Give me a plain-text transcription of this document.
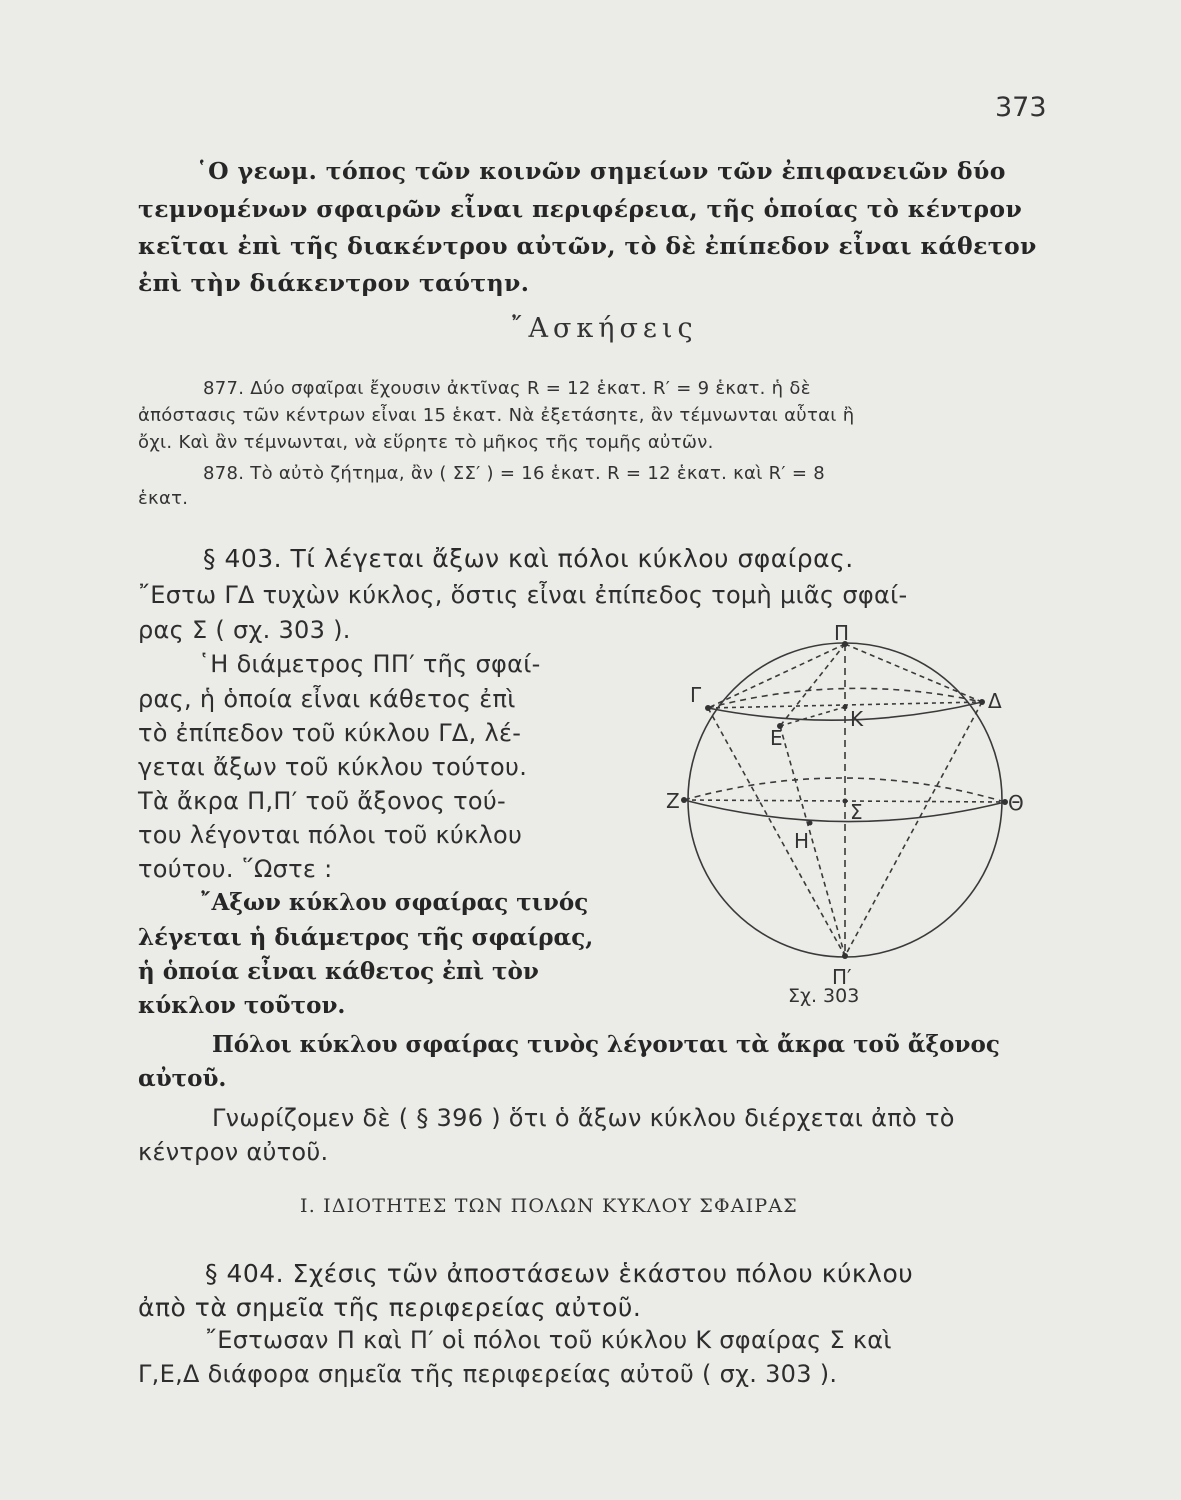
373
῾Ο γεωμ. τόπος τῶν κοινῶν σημείων τῶν ἐπιφανειῶν δύο
τεμνομένων σφαιρῶν εἶναι περιφέρεια, τῆς ὁποίας τὸ κέντρον
κεῖται ἐπὶ τῆς διακέντρου αὐτῶν, τὸ δὲ ἐπίπεδον εἶναι κάθετον
ἐπὶ τὴν διάκεντρον ταύτην.
῎Ασκήσεις
877. Δύο σφαῖραι ἔχουσιν ἀκτῖνας R = 12 ἑκατ. R′ = 9 ἑκατ. ἡ δὲ
ἀπόστασις τῶν κέντρων εἶναι 15 ἑκατ. Νὰ ἐξετάσητε, ἂν τέμνωνται αὗται ἢ
ὄχι. Καὶ ἂν τέμνωνται, νὰ εὕρητε τὸ μῆκος τῆς τομῆς αὐτῶν.
878. Τὸ αὐτὸ ζήτημα, ἂν ( ΣΣ′ ) = 16 ἑκατ. R = 12 ἑκατ. καὶ R′ = 8
ἑκατ.
§ 403. Τί λέγεται ἄξων καὶ πόλοι κύκλου σφαίρας.
῎Εστω ΓΔ τυχὼν κύκλος, ὅστις εἶναι ἐπίπεδος τομὴ μιᾶς σφαί-
ρας Σ ( σχ. 303 ).
῾Η διάμετρος ΠΠ′ τῆς σφαί-
ρας, ἡ ὁποία εἶναι κάθετος ἐπὶ
τὸ ἐπίπεδον τοῦ κύκλου ΓΔ, λέ-
γεται ἄξων τοῦ κύκλου τούτου.
Τὰ ἄκρα Π,Π′ τοῦ ἄξονος τού-
του λέγονται πόλοι τοῦ κύκλου
τούτου. ῞Ωστε :
῎Αξων κύκλου σφαίρας τινός
λέγεται ἡ διάμετρος τῆς σφαίρας,
ἡ ὁποία εἶναι κάθετος ἐπὶ τὸν
κύκλον τοῦτον.
Πόλοι κύκλου σφαίρας τινὸς λέγονται τὰ ἄκρα τοῦ ἄξονος
αὐτοῦ.
Γνωρίζομεν δὲ ( § 396 ) ὅτι ὁ ἄξων κύκλου διέρχεται ἀπὸ τὸ
κέντρον αὐτοῦ.
I. ΙΔΙΟΤΗΤΕΣ ΤΩΝ ΠΟΛΩΝ ΚΥΚΛΟΥ ΣΦΑΙΡΑΣ
§ 404. Σχέσις τῶν ἀποστάσεων ἑκάστου πόλου κύκλου
ἀπὸ τὰ σημεῖα τῆς περιφερείας αὐτοῦ.
῎Εστωσαν Π καὶ Π′ οἱ πόλοι τοῦ κύκλου Κ σφαίρας Σ καὶ
Γ,Ε,Δ διάφορα σημεῖα τῆς περιφερείας αὐτοῦ ( σχ. 303 ).
Π
Π′
Γ	Δ
K
Ε
Ζ	Θ
Σ
Η
Σχ. 303
